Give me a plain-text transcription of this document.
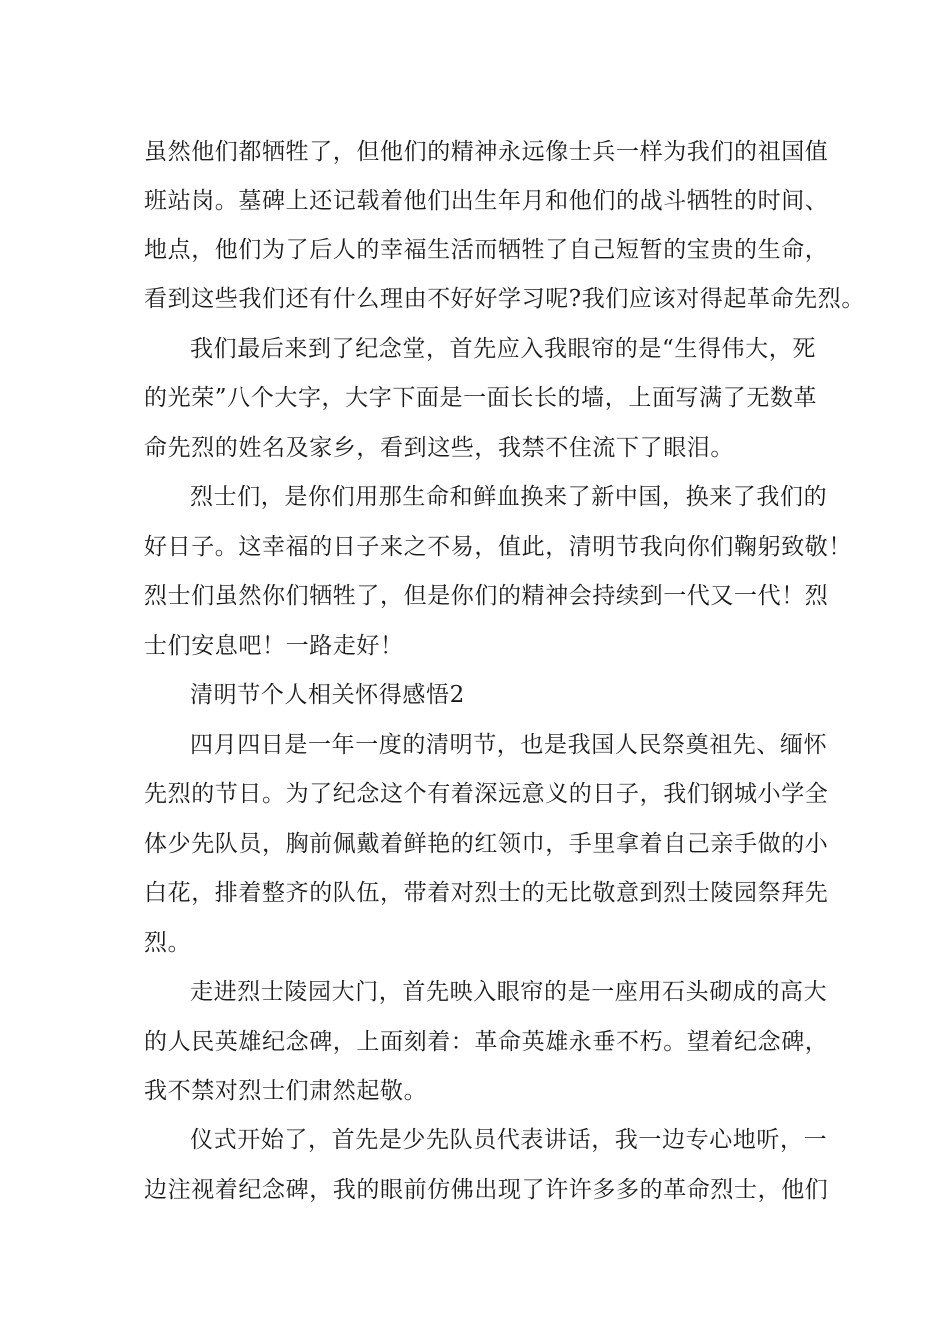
虽然他们都牺牲了，但他们的精神永远像士兵一样为我们的祖国值
班站岗。墓碑上还记载着他们出生年月和他们的战斗牺牲的时间、
地点，他们为了后人的幸福生活而牺牲了自己短暂的宝贵的生命，
看到这些我们还有什么理由不好好学习呢?我们应该对得起革命先烈。
我们最后来到了纪念堂，首先应入我眼帘的是“生得伟大，死
的光荣”八个大字，大字下面是一面长长的墙，上面写满了无数革
命先烈的姓名及家乡，看到这些，我禁不住流下了眼泪。
烈士们，是你们用那生命和鲜血换来了新中国，换来了我们的
好日子。这幸福的日子来之不易，值此，清明节我向你们鞠躬致敬！
烈士们虽然你们牺牲了，但是你们的精神会持续到一代又一代！烈
士们安息吧！一路走好！
清明节个人相关怀得感悟2
四月四日是一年一度的清明节，也是我国人民祭奠祖先、缅怀
先烈的节日。为了纪念这个有着深远意义的日子，我们钢城小学全
体少先队员，胸前佩戴着鲜艳的红领巾，手里拿着自己亲手做的小
白花，排着整齐的队伍，带着对烈士的无比敬意到烈士陵园祭拜先
烈。
走进烈士陵园大门，首先映入眼帘的是一座用石头砌成的高大
的人民英雄纪念碑，上面刻着：革命英雄永垂不朽。望着纪念碑，
我不禁对烈士们肃然起敬。
仪式开始了，首先是少先队员代表讲话，我一边专心地听，一
边注视着纪念碑，我的眼前仿佛出现了许许多多的革命烈士，他们
